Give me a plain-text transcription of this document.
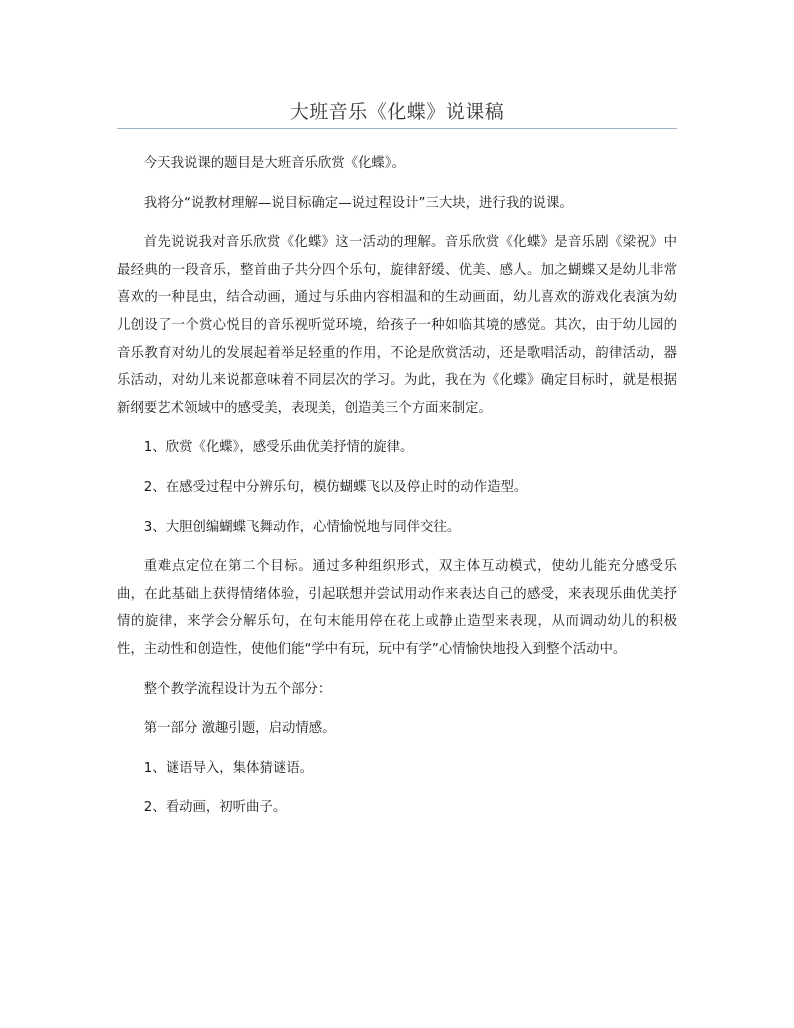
大班音乐《化蝶》说课稿

今天我说课的题目是大班音乐欣赏《化蝶》。

我将分“说教材理解—说目标确定—说过程设计”三大块，进行我的说课。

首先说说我对音乐欣赏《化蝶》这一活动的理解。音乐欣赏《化蝶》是音乐剧《梁祝》中最经典的一段音乐，整首曲子共分四个乐句，旋律舒缓、优美、感人。加之蝴蝶又是幼儿非常喜欢的一种昆虫，结合动画，通过与乐曲内容相温和的生动画面，幼儿喜欢的游戏化表演为幼儿创设了一个赏心悦目的音乐视听觉环境，给孩子一种如临其境的感觉。其次，由于幼儿园的音乐教育对幼儿的发展起着举足轻重的作用，不论是欣赏活动，还是歌唱活动，韵律活动，器乐活动，对幼儿来说都意味着不同层次的学习。为此，我在为《化蝶》确定目标时，就是根据新纲要艺术领域中的感受美，表现美，创造美三个方面来制定。

1、欣赏《化蝶》，感受乐曲优美抒情的旋律。

2、在感受过程中分辨乐句，模仿蝴蝶飞以及停止时的动作造型。

3、大胆创编蝴蝶飞舞动作，心情愉悦地与同伴交往。

重难点定位在第二个目标。通过多种组织形式，双主体互动模式，使幼儿能充分感受乐曲，在此基础上获得情绪体验，引起联想并尝试用动作来表达自己的感受，来表现乐曲优美抒情的旋律，来学会分解乐句，在句末能用停在花上或静止造型来表现，从而调动幼儿的积极性，主动性和创造性，使他们能“学中有玩，玩中有学”心情愉快地投入到整个活动中。

整个教学流程设计为五个部分：

第一部分 激趣引题，启动情感。

1、谜语导入，集体猜谜语。

2、看动画，初听曲子。
